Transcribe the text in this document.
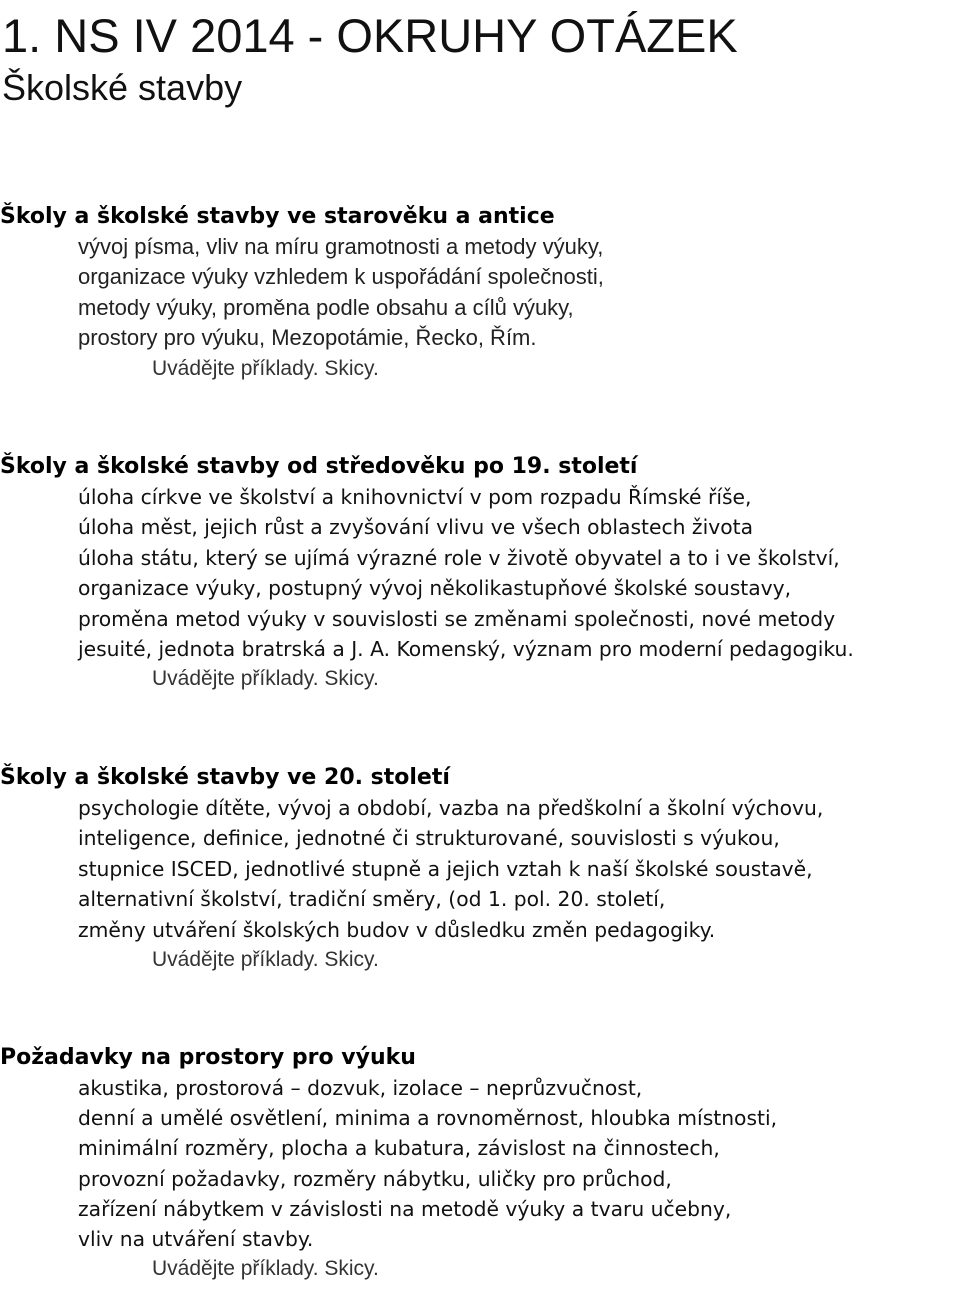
1. NS IV 2014 - OKRUHY OTÁZEK
Školské stavby
Školy a školské stavby ve starověku a antice
vývoj písma, vliv na míru gramotnosti a metody výuky,
organizace výuky vzhledem k uspořádání společnosti,
metody výuky, proměna podle obsahu a cílů výuky,
prostory pro výuku, Mezopotámie, Řecko, Řím.

Uvádějte příklady. Skicy.

Školy a školské stavby od středověku po 19. století
úloha církve ve školství a knihovnictví v pom rozpadu Římské říše,
úloha měst, jejich růst a zvyšování vlivu ve všech oblastech života
úloha státu, který se ujímá výrazné role v životě obyvatel a to i ve školství,
organizace výuky, postupný vývoj několikastupňové školské soustavy,
proměna metod výuky v souvislosti se změnami společnosti, nové metody
jesuité, jednota bratrská a J. A. Komenský, význam pro moderní pedagogiku.

Uvádějte příklady. Skicy.

Školy a školské stavby ve 20. století
psychologie dítěte, vývoj a období, vazba na předškolní a školní výchovu,
inteligence, definice, jednotné či strukturované, souvislosti s výukou,
stupnice ISCED, jednotlivé stupně a jejich vztah k naší školské soustavě,
alternativní školství, tradiční směry, (od 1. pol. 20. století,
změny utváření školských budov v důsledku změn pedagogiky.

Uvádějte příklady. Skicy.

Požadavky na prostory pro výuku
akustika, prostorová – dozvuk, izolace – neprůzvučnost,
denní a umělé osvětlení, minima a rovnoměrnost, hloubka místnosti,
minimální rozměry, plocha a kubatura, závislost na činnostech,
provozní požadavky, rozměry nábytku, uličky pro průchod,
zařízení nábytkem v závislosti na metodě výuky a tvaru učebny,
vliv na utváření stavby.

Uvádějte příklady. Skicy.
